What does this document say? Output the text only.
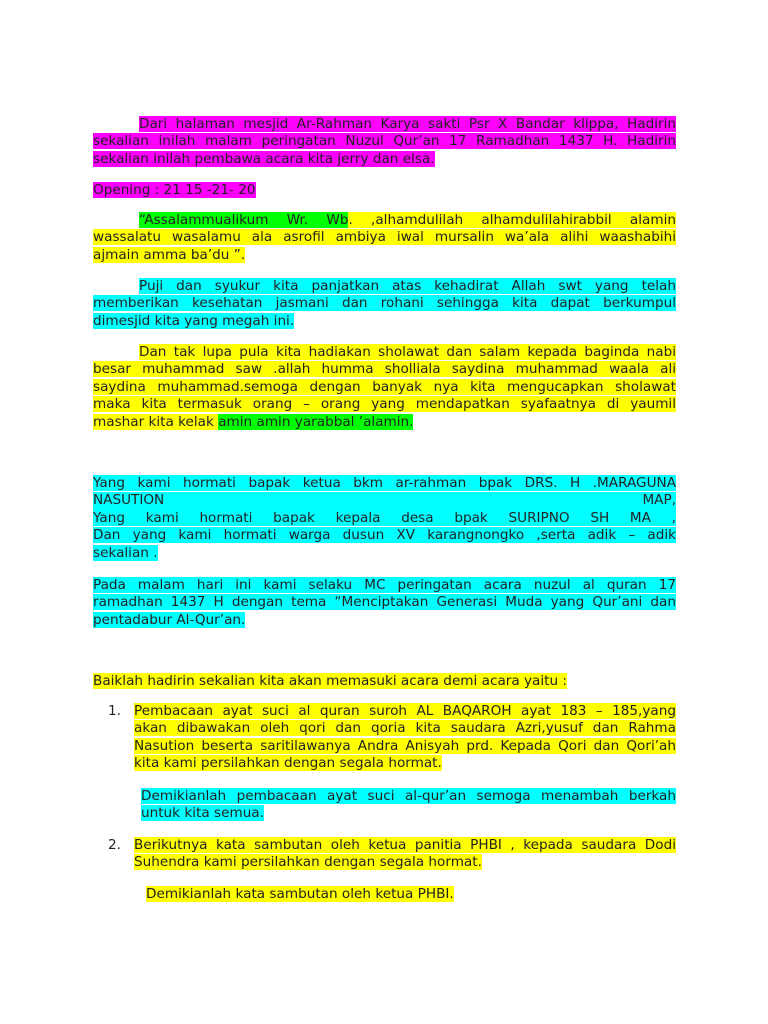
Dari halaman mesjid Ar-Rahman Karya sakti Psr X Bandar klippa, Hadirin
sekalian inilah malam peringatan Nuzul Qur’an 17 Ramadhan 1437 H. Hadirin
sekalian inilah pembawa acara kita jerry dan elsa.
Opening : 21 15 -21- 20
“Assalammualikum Wr. Wb. ,alhamdulilah alhamdulilahirabbil alamin
wassalatu wasalamu ala asrofil ambiya iwal mursalin wa’ala alihi waashabihi
ajmain amma ba’du ”.
Puji dan syukur kita panjatkan atas kehadirat Allah swt yang telah
memberikan kesehatan jasmani dan rohani sehingga kita dapat berkumpul
dimesjid kita yang megah ini.
Dan tak lupa pula kita hadiakan sholawat dan salam kepada baginda nabi
besar muhammad saw .allah humma sholliala saydina muhammad waala ali
saydina muhammad.semoga dengan banyak nya kita mengucapkan sholawat
maka kita termasuk orang – orang yang mendapatkan syafaatnya di yaumil
mashar kita kelak amin amin yarabbal ’alamin.
Yang kami hormati bapak ketua bkm ar-rahman bpak DRS. H .MARAGUNA
NASUTION	MAP,
Yang kami hormati bapak kepala desa bpak SURIPNO SH MA ,
Dan yang kami hormati warga dusun XV karangnongko ,serta adik – adik
sekalian .
Pada malam hari ini kami selaku MC peringatan acara nuzul al quran 17
ramadhan 1437 H dengan tema “Menciptakan Generasi Muda yang Qur’ani dan
pentadabur Al-Qur’an.
Baiklah hadirin sekalian kita akan memasuki acara demi acara yaitu :
1. Pembacaan ayat suci al quran suroh AL BAQAROH ayat 183 – 185,yang
akan dibawakan oleh qori dan qoria kita saudara Azri,yusuf dan Rahma
Nasution beserta saritilawanya Andra Anisyah prd. Kepada Qori dan Qori’ah
kita kami persilahkan dengan segala hormat.
Demikianlah pembacaan ayat suci al-qur’an semoga menambah berkah
untuk kita semua.
2. Berikutnya kata sambutan oleh ketua panitia PHBI , kepada saudara Dodi
Suhendra kami persilahkan dengan segala hormat.
Demikianlah kata sambutan oleh ketua PHBI.
